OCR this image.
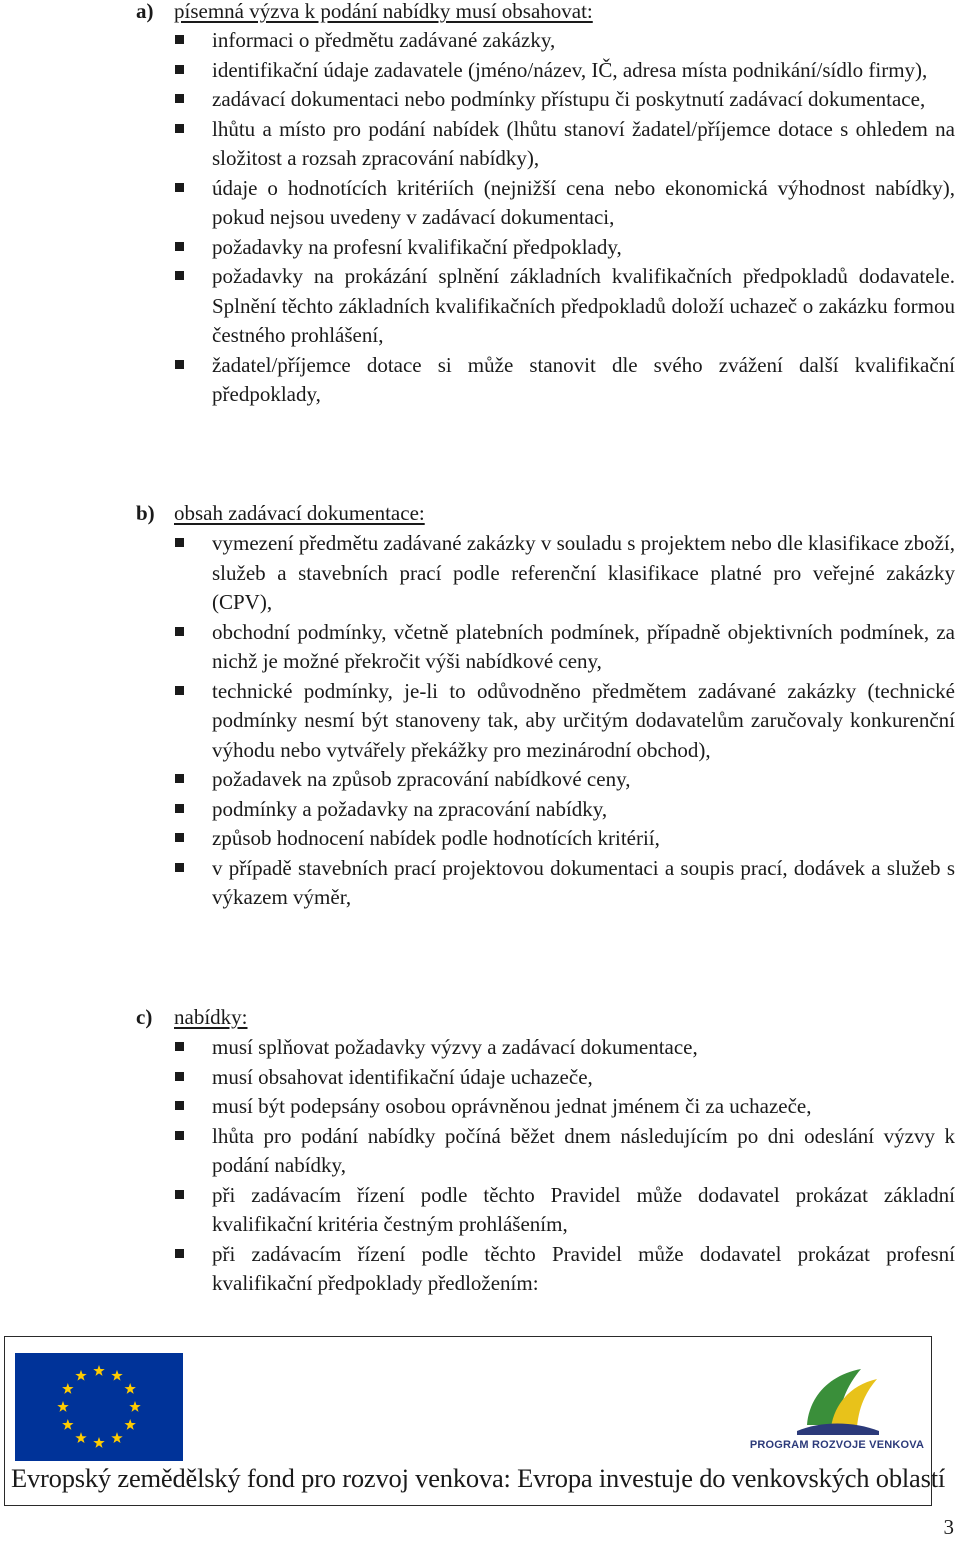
a) písemná výzva k podání nabídky musí obsahovat:
informaci o předmětu zadávané zakázky,
identifikační údaje zadavatele (jméno/název, IČ, adresa místa podnikání/sídlo firmy),
zadávací dokumentaci nebo podmínky přístupu či poskytnutí zadávací dokumentace,
lhůtu a místo pro podání nabídek (lhůtu stanoví žadatel/příjemce dotace s ohledem na složitost a rozsah zpracování nabídky),
údaje o hodnotících kritériích (nejnižší cena nebo ekonomická výhodnost nabídky), pokud nejsou uvedeny v zadávací dokumentaci,
požadavky na profesní kvalifikační předpoklady,
požadavky na prokázání splnění základních kvalifikačních předpokladů dodavatele. Splnění těchto základních kvalifikačních předpokladů doloží uchazeč o zakázku formou čestného prohlášení,
žadatel/příjemce dotace si může stanovit dle svého zvážení další kvalifikační předpoklady,
b) obsah zadávací dokumentace:
vymezení předmětu zadávané zakázky v souladu s projektem nebo dle klasifikace zboží, služeb a stavebních prací podle referenční klasifikace platné pro veřejné zakázky (CPV),
obchodní podmínky, včetně platebních podmínek, případně objektivních podmínek, za nichž je možné překročit výši nabídkové ceny,
technické podmínky, je-li to odůvodněno předmětem zadávané zakázky (technické podmínky nesmí být stanoveny tak, aby určitým dodavatelům zaručovaly konkurenční výhodu nebo vytvářely překážky pro mezinárodní obchod),
požadavek na způsob zpracování nabídkové ceny,
podmínky a požadavky na zpracování nabídky,
způsob hodnocení nabídek podle hodnotících kritérií,
v případě stavebních prací projektovou dokumentaci a soupis prací, dodávek a služeb s výkazem výměr,
c) nabídky:
musí splňovat požadavky výzvy a zadávací dokumentace,
musí obsahovat identifikační údaje uchazeče,
musí být podepsány osobou oprávněnou jednat jménem či za uchazeče,
lhůta pro podání nabídky počíná běžet dnem následujícím po dni odeslání výzvy k podání nabídky,
při zadávacím řízení podle těchto Pravidel může dodavatel prokázat základní kvalifikační kritéria čestným prohlášením,
při zadávacím řízení podle těchto Pravidel může dodavatel prokázat profesní kvalifikační předpoklady předložením:
PROGRAM ROZVOJE VENKOVA
Evropský zemědělský fond pro rozvoj venkova: Evropa investuje do venkovských oblastí
3
